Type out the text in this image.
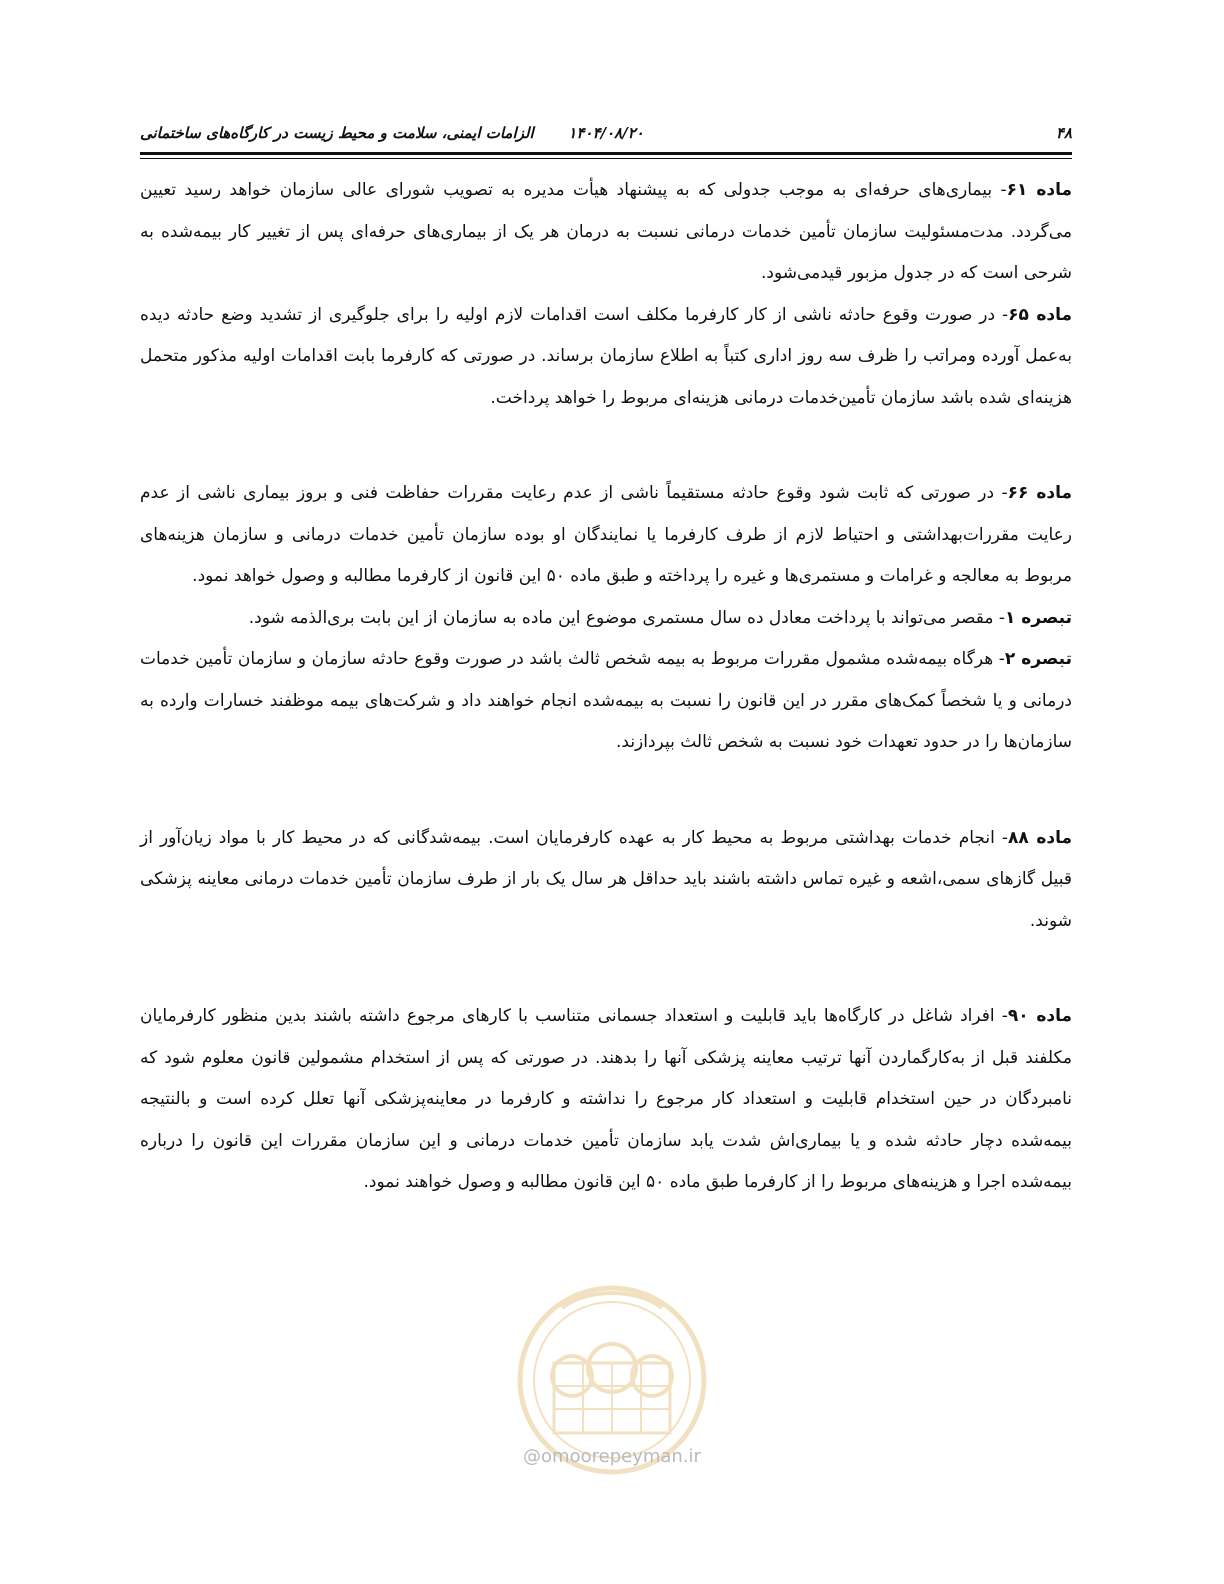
۴۸
۱۴۰۴/۰۸/۲۰
الزامات ایمنی، سلامت و محیط زیست در کارگاه‌های ساختمانی

ماده ۶۱- بیماری‌های حرفه‌ای به موجب جدولی که به پیشنهاد هیأت مدیره به تصویب شورای عالی سازمان خواهد رسید تعیین می‌گردد. مدت‌مسئولیت سازمان تأمین خدمات درمانی نسبت به درمان هر یک از بیماری‌های حرفه‌ای پس از تغییر کار بیمه‌شده به شرحی است که در جدول مزبور قیدمی‌شود.

ماده ۶۵- در صورت وقوع حادثه ناشی از کار کارفرما مکلف است اقدامات لازم اولیه را برای جلوگیری از تشدید وضع حادثه دیده به‌عمل آورده ومراتب را ظرف سه روز اداری کتباً به اطلاع سازمان برساند. در صورتی که کارفرما بابت اقدامات اولیه مذکور متحمل هزینه‌ای شده باشد سازمان تأمین‌خدمات درمانی هزینه‌ای مربوط را خواهد پرداخت.

ماده ۶۶- در صورتی که ثابت شود وقوع حادثه مستقیماً ناشی از عدم رعایت مقررات حفاظت فنی و بروز بیماری ناشی از عدم رعایت مقررات‌بهداشتی و احتیاط لازم از طرف کارفرما یا نمایندگان او بوده سازمان تأمین خدمات درمانی و سازمان هزینه‌های مربوط به معالجه و غرامات و مستمری‌ها و غیره را پرداخته و طبق ماده ۵۰ این قانون از کارفرما مطالبه و وصول خواهد نمود.

تبصره ۱- مقصر می‌تواند با پرداخت معادل ده سال مستمری موضوع این ماده به سازمان از این بابت بری‌الذمه شود.

تبصره ۲- هرگاه بیمه‌شده مشمول مقررات مربوط به بیمه شخص ثالث باشد در صورت وقوع حادثه سازمان و سازمان تأمین خدمات درمانی و یا شخصاً کمک‌های مقرر در این قانون را نسبت به بیمه‌شده انجام خواهند داد و شرکت‌های بیمه موظفند خسارات وارده به سازمان‌ها را در حدود تعهدات خود نسبت به شخص ثالث بپردازند.

ماده ۸۸- انجام خدمات بهداشتی مربوط به محیط کار به عهده کارفرمایان است. بیمه‌شدگانی که در محیط کار با مواد زیان‌آور از قبیل گازهای سمی،اشعه و غیره تماس داشته باشند باید حداقل هر سال یک بار از طرف سازمان تأمین خدمات درمانی معاینه پزشکی شوند.

ماده ۹۰- افراد شاغل در کارگاه‌ها باید قابلیت و استعداد جسمانی متناسب با کارهای مرجوع داشته باشند بدین منظور کارفرمایان مکلفند قبل از به‌کارگماردن آنها ترتیب معاینه پزشکی آنها را بدهند. در صورتی که پس از استخدام مشمولین قانون معلوم شود که نامبردگان در حین استخدام قابلیت و استعداد کار مرجوع را نداشته و کارفرما در معاینه‌پزشکی آنها تعلل کرده است و بالنتیجه بیمه‌شده دچار حادثه شده و یا بیماری‌اش شدت یابد سازمان تأمین خدمات درمانی و این سازمان مقررات این قانون را درباره بیمه‌شده اجرا و هزینه‌های مربوط را از کارفرما طبق ماده ۵۰ این قانون مطالبه و وصول خواهند نمود.

@omoorepeyman.ir
